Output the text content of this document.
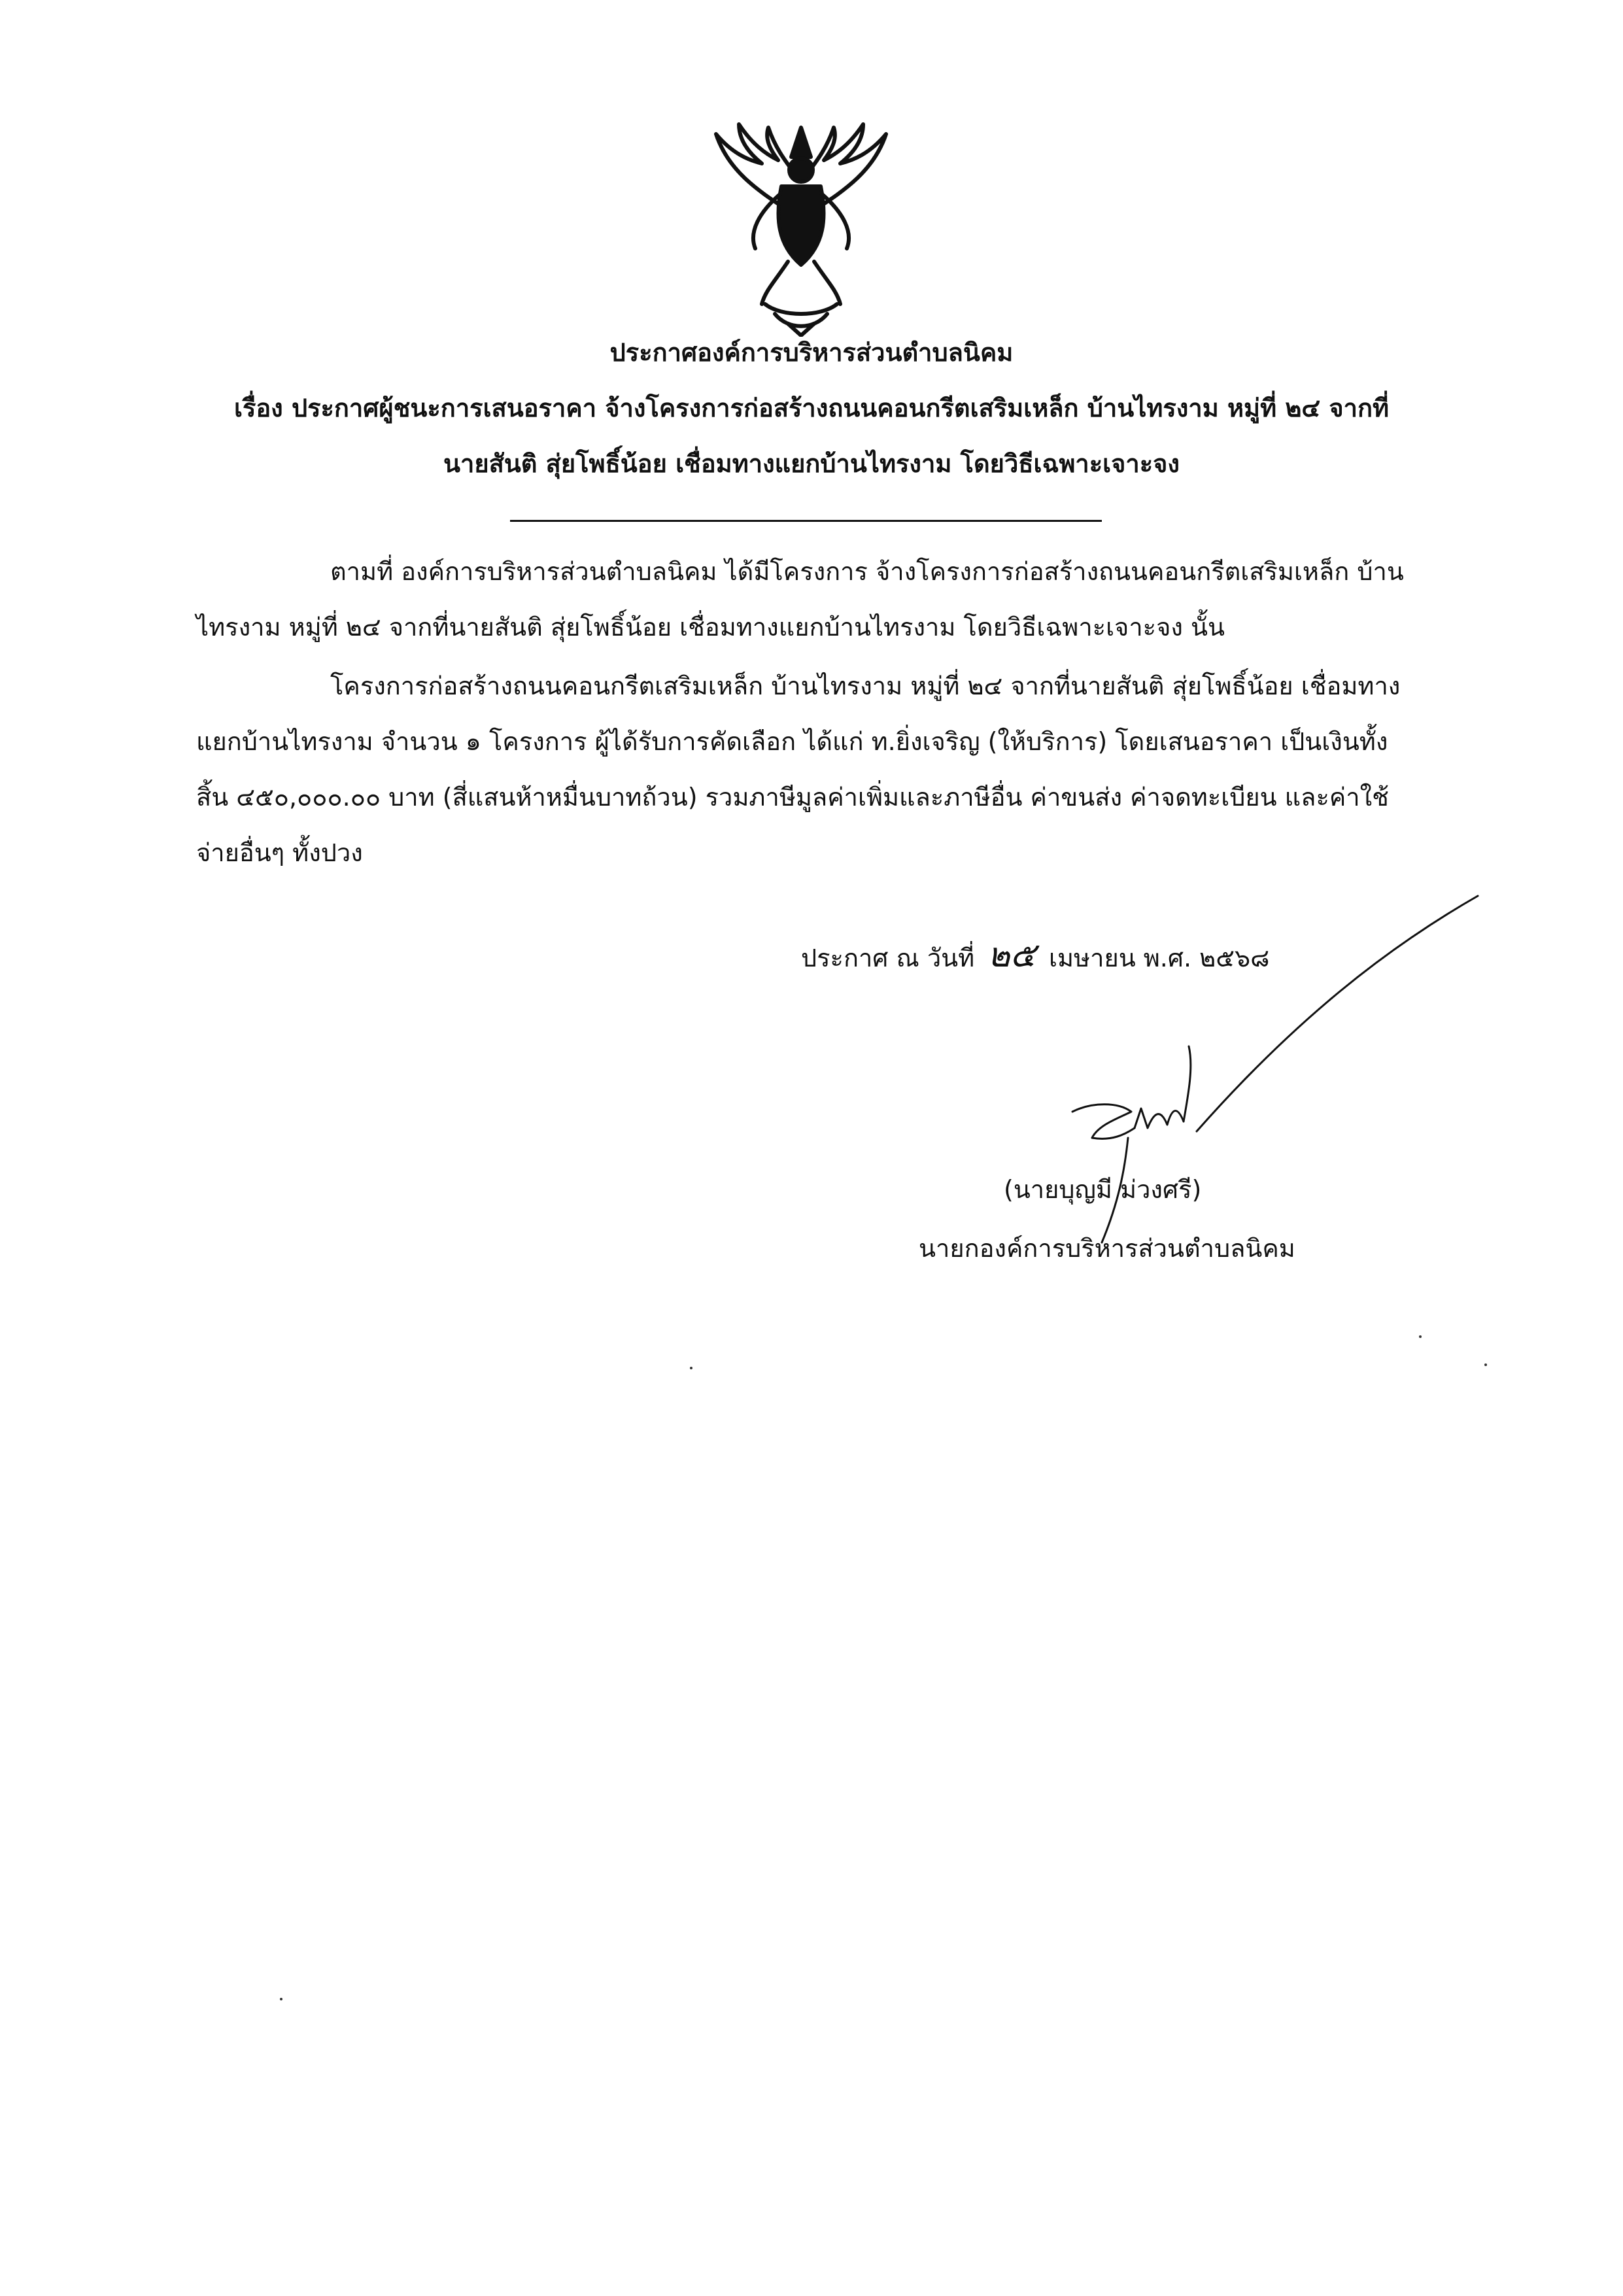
ประกาศองค์การบริหารส่วนตำบลนิคม
เรื่อง ประกาศผู้ชนะการเสนอราคา จ้างโครงการก่อสร้างถนนคอนกรีตเสริมเหล็ก บ้านไทรงาม หมู่ที่ ๒๔ จากที่
นายสันติ สุ่ยโพธิ์น้อย เชื่อมทางแยกบ้านไทรงาม โดยวิธีเฉพาะเจาะจง
ตามที่ องค์การบริหารส่วนตำบลนิคม ได้มีโครงการ จ้างโครงการก่อสร้างถนนคอนกรีตเสริมเหล็ก บ้าน
ไทรงาม หมู่ที่ ๒๔ จากที่นายสันติ สุ่ยโพธิ์น้อย เชื่อมทางแยกบ้านไทรงาม โดยวิธีเฉพาะเจาะจง นั้น
โครงการก่อสร้างถนนคอนกรีตเสริมเหล็ก บ้านไทรงาม หมู่ที่ ๒๔ จากที่นายสันติ สุ่ยโพธิ์น้อย เชื่อมทาง
แยกบ้านไทรงาม จำนวน ๑ โครงการ ผู้ได้รับการคัดเลือก ได้แก่ ท.ยิ่งเจริญ (ให้บริการ) โดยเสนอราคา เป็นเงินทั้ง
สิ้น ๔๕๐,๐๐๐.๐๐ บาท (สี่แสนห้าหมื่นบาทถ้วน) รวมภาษีมูลค่าเพิ่มและภาษีอื่น ค่าขนส่ง ค่าจดทะเบียน และค่าใช้
จ่ายอื่นๆ ทั้งปวง
ประกาศ ณ วันที่ ๒๕ เมษายน พ.ศ. ๒๕๖๘
(นายบุญมี ม่วงศรี)
นายกองค์การบริหารส่วนตำบลนิคม
